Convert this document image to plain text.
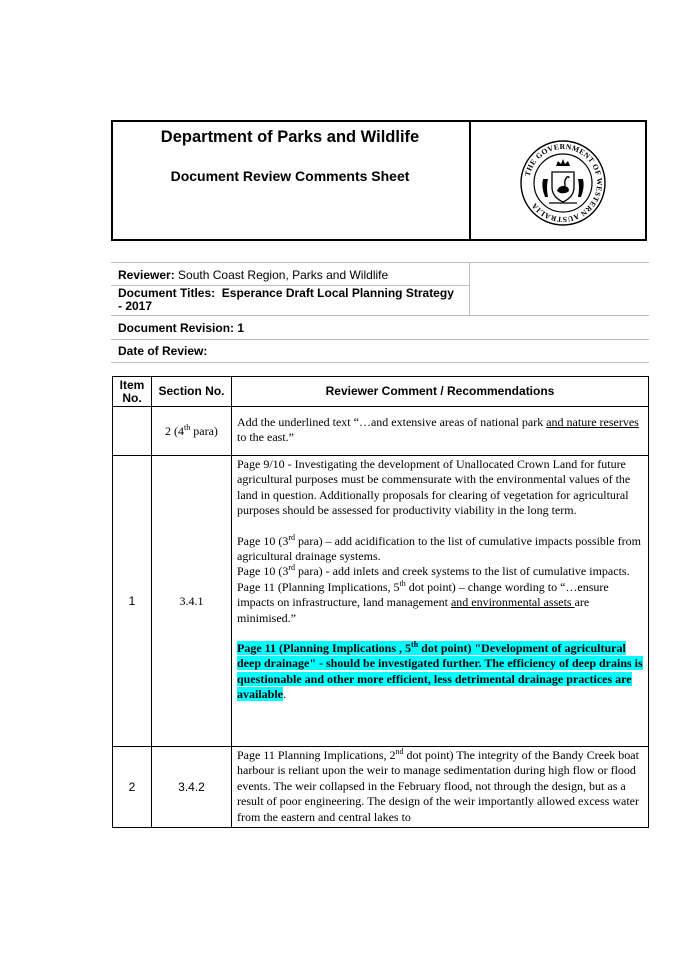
Department of Parks and Wildlife
Document Review Comments Sheet	THE GOVERNMENT OF WESTERN AUSTRALIA
Reviewer: South Coast Region, Parks and Wildlife
Document Titles: Esperance Draft Local Planning Strategy
- 2017
Document Revision: 1
Date of Review:
Item
No.	Section No.	Reviewer Comment / Recommendations
	2 (4th para)	Add the underlined text “…and extensive areas of national park and nature reserves to the east.”

1	3.4.1	Page 9/10 - Investigating the development of Unallocated Crown Land for future agricultural purposes must be commensurate with the environmental values of the land in question. Additionally proposals for clearing of vegetation for agricultural purposes should be assessed for productivity viability in the long term.

Page 10 (3rd para) – add acidification to the list of cumulative impacts possible from agricultural drainage systems.

Page 10 (3rd para) - add inlets and creek systems to the list of cumulative impacts.

Page 11 (Planning Implications, 5th dot point) – change wording to “…ensure impacts on infrastructure, land management and environmental assets are minimised.”

Page 11 (Planning Implications , 5th dot point) "Development of agricultural deep drainage" - should be investigated further. The efficiency of deep drains is questionable and other more efficient, less detrimental drainage practices are available.

2	3.4.2	Page 11 Planning Implications, 2nd dot point) The integrity of the Bandy Creek boat harbour is reliant upon the weir to manage sedimentation during high flow or flood events. The weir collapsed in the February flood, not through the design, but as a result of poor engineering. The design of the weir importantly allowed excess water from the eastern and central lakes to
